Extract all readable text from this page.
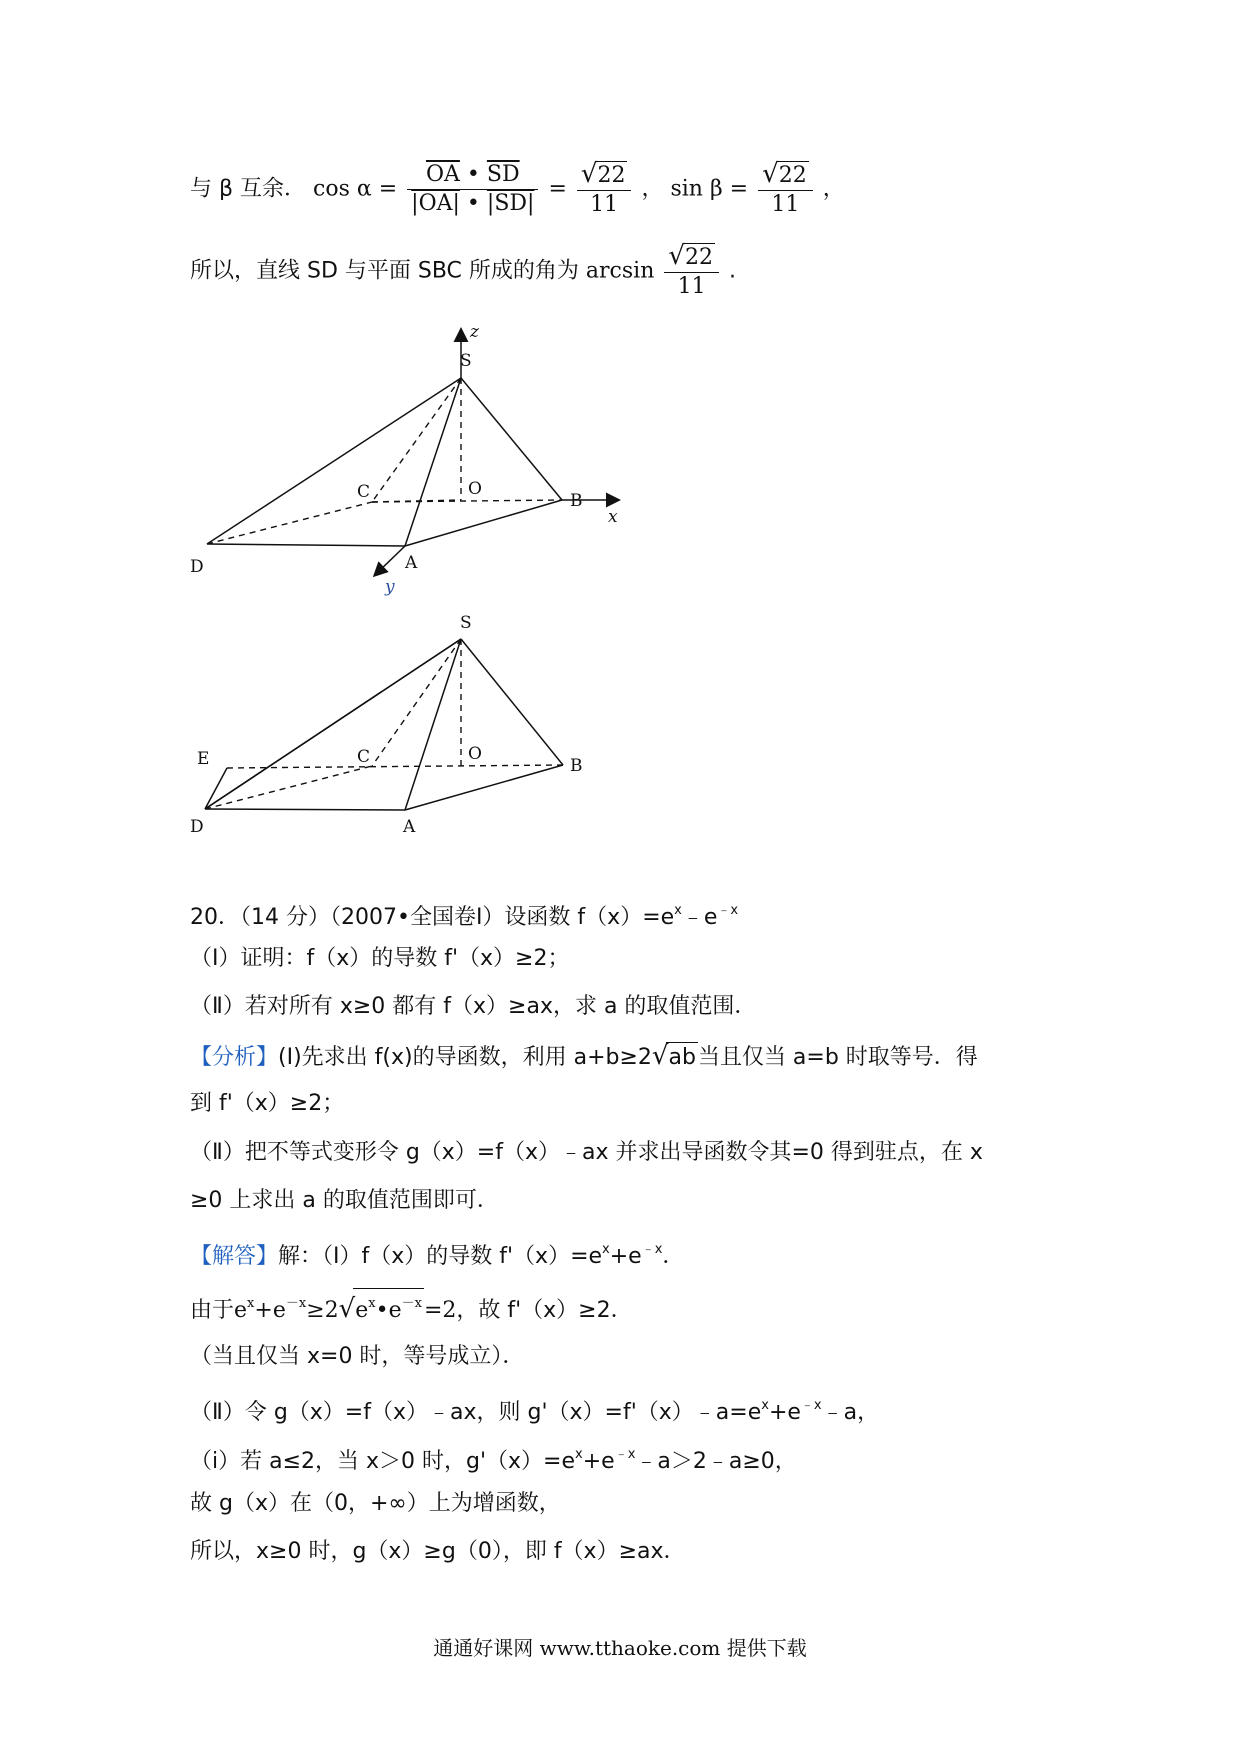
与 β 互余． $\cos \alpha = \frac{\overline{OA} • \overline{SD}}{|OA| • |SD|} = \frac{√22}{11}$ ， $\sin \beta = \frac{√22}{11}$ ，
所以，直线 SD 与平面 SBC 所成的角为 $\arcsin \frac{√22}{11}$ .
z
S
C	O
B
x
D	A
y
S
E	C	O
B
D	A
20．（14 分）（2007•全国卷Ⅰ）设函数 $f(x)=e^x﹣e^{﹣x}$
（Ⅰ）证明：f（x）的导数 f'（x）≥2；
（Ⅱ）若对所有 x≥0 都有 f（x）≥ax，求 a 的取值范围．
【分析】(Ⅰ)先求出 f(x)的导函数，利用 a+b≥2√ab当且仅当 a=b 时取等号．得
到 f'（x）≥2；
（Ⅱ）把不等式变形令 g（x）=f（x）﹣ax 并求出导函数令其=0 得到驻点，在 x
≥0 上求出 a 的取值范围即可．
【解答】解：（Ⅰ）f（x）的导数 $f'(x)=e^x+e^{﹣x}$．
由于$e^x+e^{-x}\ge 2√e^x•e^{-x}=2$，故 f'（x）≥2．
（当且仅当 x=0 时，等号成立）．
（Ⅱ）令 g（x）=f（x）﹣ax，则 $g'(x)=f'(x)﹣a=e^x+e^{﹣x}﹣a$，
（ⅰ）若 a≤2，当 x＞0 时，$g'(x)=e^x+e^{﹣x}﹣a>2﹣a\ge 0$，
故 g（x）在（0，+∞）上为增函数，
所以，x≥0 时，g（x）≥g（0），即 f（x）≥ax．
通通好课网 www.tthaoke.com 提供下载
